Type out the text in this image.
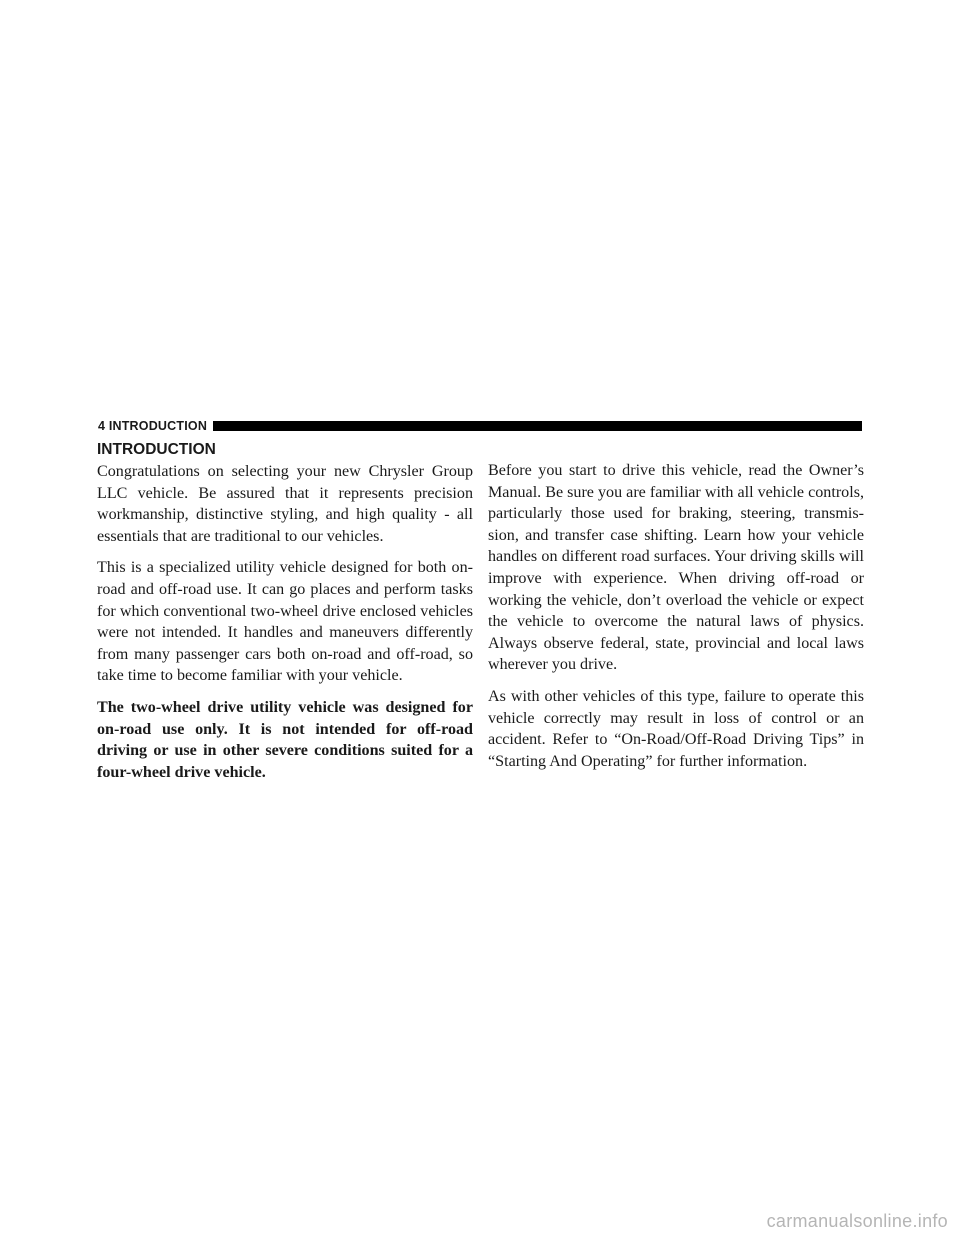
4 INTRODUCTION
INTRODUCTION

Congratulations on selecting your new Chrysler Group LLC vehicle. Be assured that it represents precision workmanship, distinctive styling, and high quality - all essentials that are traditional to our vehicles.

This is a specialized utility vehicle designed for both on-road and off-road use. It can go places and perform tasks for which conventional two-wheel drive enclosed vehicles were not intended. It handles and maneuvers differently from many passenger cars both on-road and off-road, so take time to become familiar with your vehicle.

The two-wheel drive utility vehicle was designed for on-road use only. It is not intended for off-road driving or use in other severe conditions suited for a four-wheel drive vehicle.

Before you start to drive this vehicle, read the Owner’s Manual. Be sure you are familiar with all vehicle controls, particularly those used for braking, steering, transmis-sion, and transfer case shifting. Learn how your vehicle handles on different road surfaces. Your driving skills will improve with experience. When driving off-road or working the vehicle, don’t overload the vehicle or expect the vehicle to overcome the natural laws of physics. Always observe federal, state, provincial and local laws wherever you drive.

As with other vehicles of this type, failure to operate this vehicle correctly may result in loss of control or an accident. Refer to “On-Road/Off-Road Driving Tips” in “Starting And Operating” for further information.

carmanualsonline.info
